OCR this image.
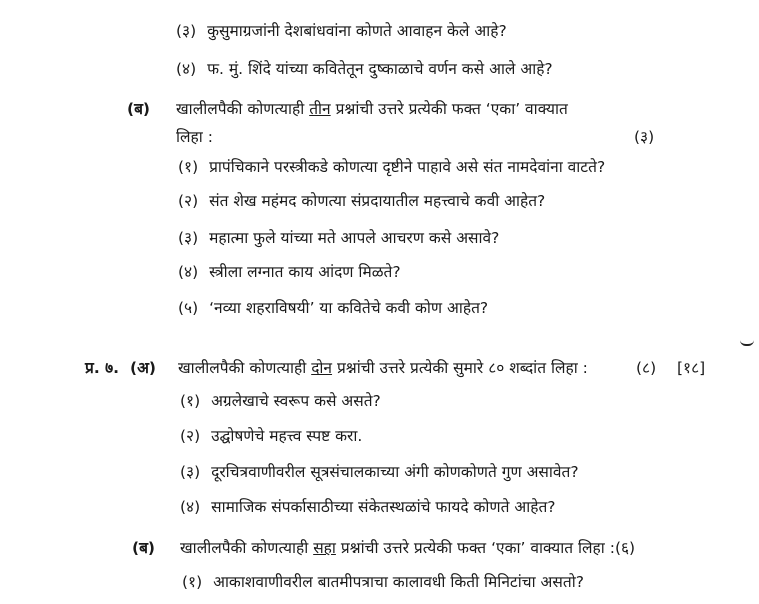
(३) कुसुमाग्रजांनी देशबांधवांना कोणते आवाहन केले आहे?
(४) फ. मुं. शिंदे यांच्या कवितेतून दुष्काळाचे वर्णन कसे आले आहे?
(ब) खालीलपैकी कोणत्याही तीन प्रश्नांची उत्तरे प्रत्येकी फक्त ‘एका’ वाक्यात
लिहा :	(३)
(१) प्रापंचिकाने परस्त्रीकडे कोणत्या दृष्टीने पाहावे असे संत नामदेवांना वाटते?
(२) संत शेख महंमद कोणत्या संप्रदायातील महत्त्वाचे कवी आहेत?
(३) महात्मा फुले यांच्या मते आपले आचरण कसे असावे?
(४) स्त्रीला लग्नात काय आंदण मिळते?
(५) ‘नव्या शहराविषयी’ या कवितेचे कवी कोण आहेत?
प्र. ७. (अ) खालीलपैकी कोणत्याही दोन प्रश्नांची उत्तरे प्रत्येकी सुमारे ८० शब्दांत लिहा :	(८) [१८]
(१) अग्रलेखाचे स्वरूप कसे असते?
(२) उद्घोषणेचे महत्त्व स्पष्ट करा.
(३) दूरचित्रवाणीवरील सूत्रसंचालकाच्या अंगी कोणकोणते गुण असावेत?
(४) सामाजिक संपर्कासाठीच्या संकेतस्थळांचे फायदे कोणते आहेत?
(ब) खालीलपैकी कोणत्याही सहा प्रश्नांची उत्तरे प्रत्येकी फक्त ‘एका’ वाक्यात लिहा :(६)
(१) आकाशवाणीवरील बातमीपत्राचा कालावधी किती मिनिटांचा असतो?
